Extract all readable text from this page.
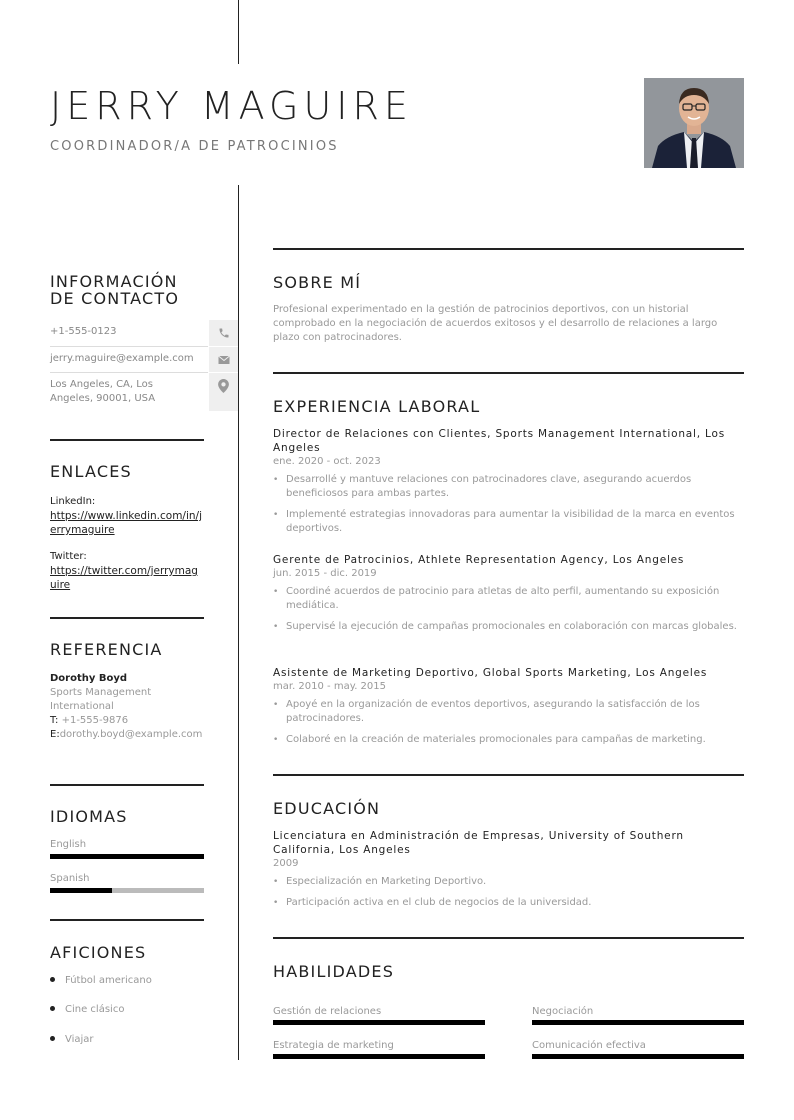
JERRY MAGUIRE
COORDINADOR/A DE PATROCINIOS
INFORMACIÓN
DE CONTACTO
+1-555-0123
jerry.maguire@example.com
Los Angeles, CA, Los Angeles, 90001, USA
ENLACES
LinkedIn:
https://www.linkedin.com/in/jerrymaguire
Twitter:
https://twitter.com/jerrymaguire
REFERENCIA
Dorothy Boyd
Sports Management International
T: +1-555-9876
E:dorothy.boyd@example.com
IDIOMAS
English
Spanish
AFICIONES
Fútbol americano
Cine clásico
Viajar
SOBRE MÍ
Profesional experimentado en la gestión de patrocinios deportivos, con un historial comprobado en la negociación de acuerdos exitosos y el desarrollo de relaciones a largo plazo con patrocinadores.
EXPERIENCIA LABORAL
Director de Relaciones con Clientes, Sports Management International, Los Angeles
ene. 2020 - oct. 2023
• Desarrollé y mantuve relaciones con patrocinadores clave, asegurando acuerdos beneficiosos para ambas partes.
• Implementé estrategias innovadoras para aumentar la visibilidad de la marca en eventos deportivos.
Gerente de Patrocinios, Athlete Representation Agency, Los Angeles
jun. 2015 - dic. 2019
• Coordiné acuerdos de patrocinio para atletas de alto perfil, aumentando su exposición mediática.
• Supervisé la ejecución de campañas promocionales en colaboración con marcas globales.
Asistente de Marketing Deportivo, Global Sports Marketing, Los Angeles
mar. 2010 - may. 2015
• Apoyé en la organización de eventos deportivos, asegurando la satisfacción de los patrocinadores.
• Colaboré en la creación de materiales promocionales para campañas de marketing.
EDUCACIÓN
Licenciatura en Administración de Empresas, University of Southern California, Los Angeles
2009
• Especialización en Marketing Deportivo.
• Participación activa en el club de negocios de la universidad.
HABILIDADES
Gestión de relaciones	Negociación
Estrategia de marketing	Comunicación efectiva
